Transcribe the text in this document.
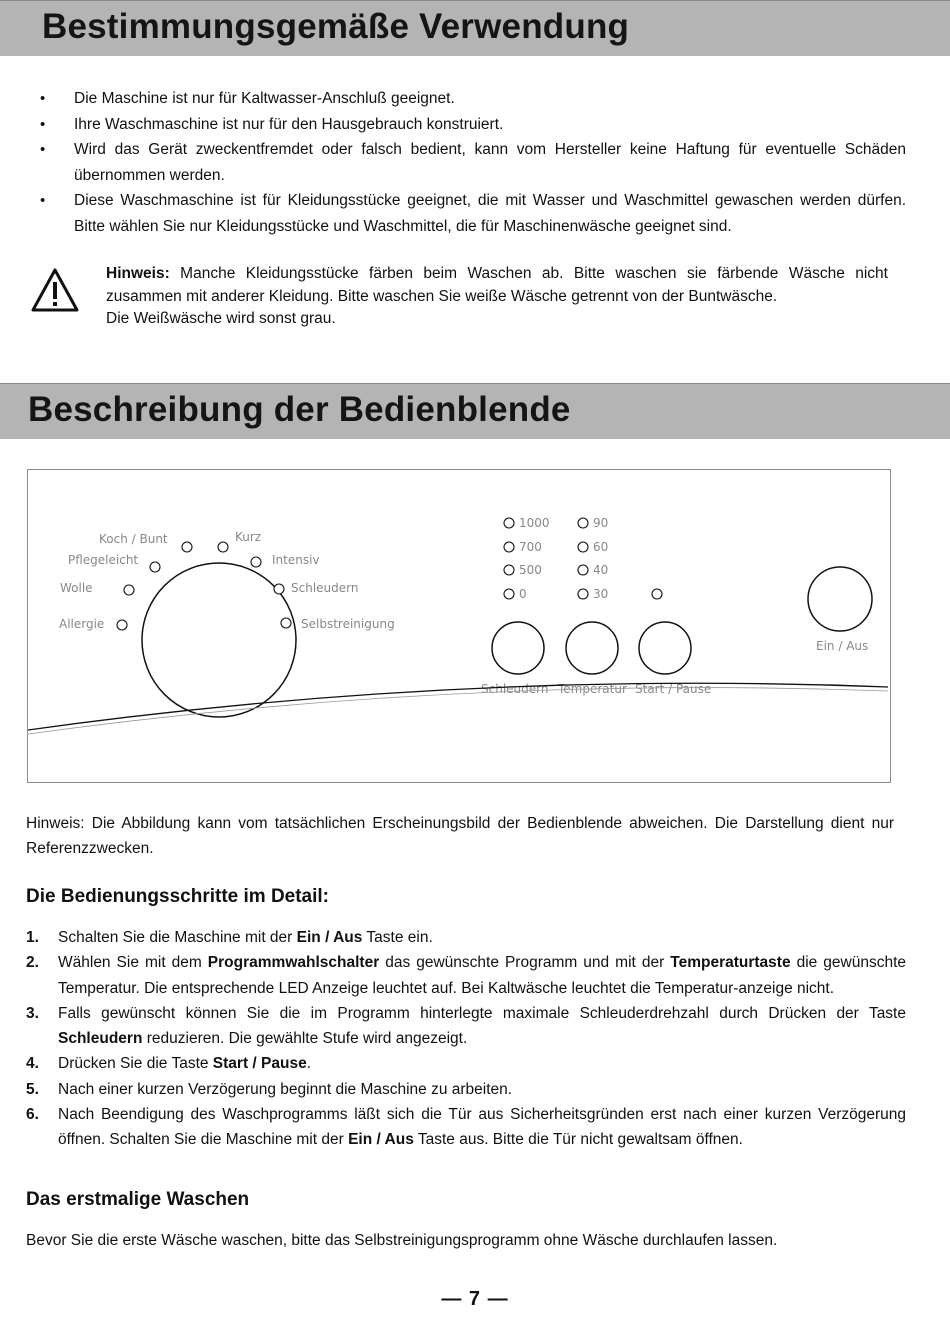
Bestimmungsgemäße Verwendung
• Die Maschine ist nur für Kaltwasser-Anschluß geeignet.
• Ihre Waschmaschine ist nur für den Hausgebrauch konstruiert.
• Wird das Gerät zweckentfremdet oder falsch bedient, kann vom Hersteller keine Haftung für eventuelle Schäden übernommen werden.
• Diese Waschmaschine ist für Kleidungsstücke geeignet, die mit Wasser und Waschmittel gewaschen werden dürfen. Bitte wählen Sie nur Kleidungsstücke und Waschmittel, die für Maschinenwäsche geeignet sind.
Hinweis: Manche Kleidungsstücke färben beim Waschen ab. Bitte waschen sie färbende Wäsche nicht zusammen mit anderer Kleidung. Bitte waschen Sie weiße Wäsche getrennt von der Buntwäsche.
Die Weißwäsche wird sonst grau.
Beschreibung der Bedienblende
Koch / Bunt	Kurz
Pflegeleicht	Intensiv
Wolle	Schleudern
Allergie	Selbstreinigung
1000
700
500
0
90
60
40
30
Schleudern Temperatur Start / Pause
Ein / Aus
Hinweis: Die Abbildung kann vom tatsächlichen Erscheinungsbild der Bedienblende abweichen. Die Darstellung dient nur Referenzzwecken.
Die Bedienungsschritte im Detail:
1. Schalten Sie die Maschine mit der Ein / Aus Taste ein.
2. Wählen Sie mit dem Programmwahlschalter das gewünschte Programm und mit der Temperaturtaste die gewünschte Temperatur. Die entsprechende LED Anzeige leuchtet auf. Bei Kaltwäsche leuchtet die Temperatur-anzeige nicht.
3. Falls gewünscht können Sie die im Programm hinterlegte maximale Schleuderdrehzahl durch Drücken der Taste Schleudern reduzieren. Die gewählte Stufe wird angezeigt.
4. Drücken Sie die Taste Start / Pause.
5. Nach einer kurzen Verzögerung beginnt die Maschine zu arbeiten.
6. Nach Beendigung des Waschprogramms läßt sich die Tür aus Sicherheitsgründen erst nach einer kurzen Verzögerung öffnen. Schalten Sie die Maschine mit der Ein / Aus Taste aus. Bitte die Tür nicht gewaltsam öffnen.
Das erstmalige Waschen
Bevor Sie die erste Wäsche waschen, bitte das Selbstreinigungsprogramm ohne Wäsche durchlaufen lassen.
— 7 —
